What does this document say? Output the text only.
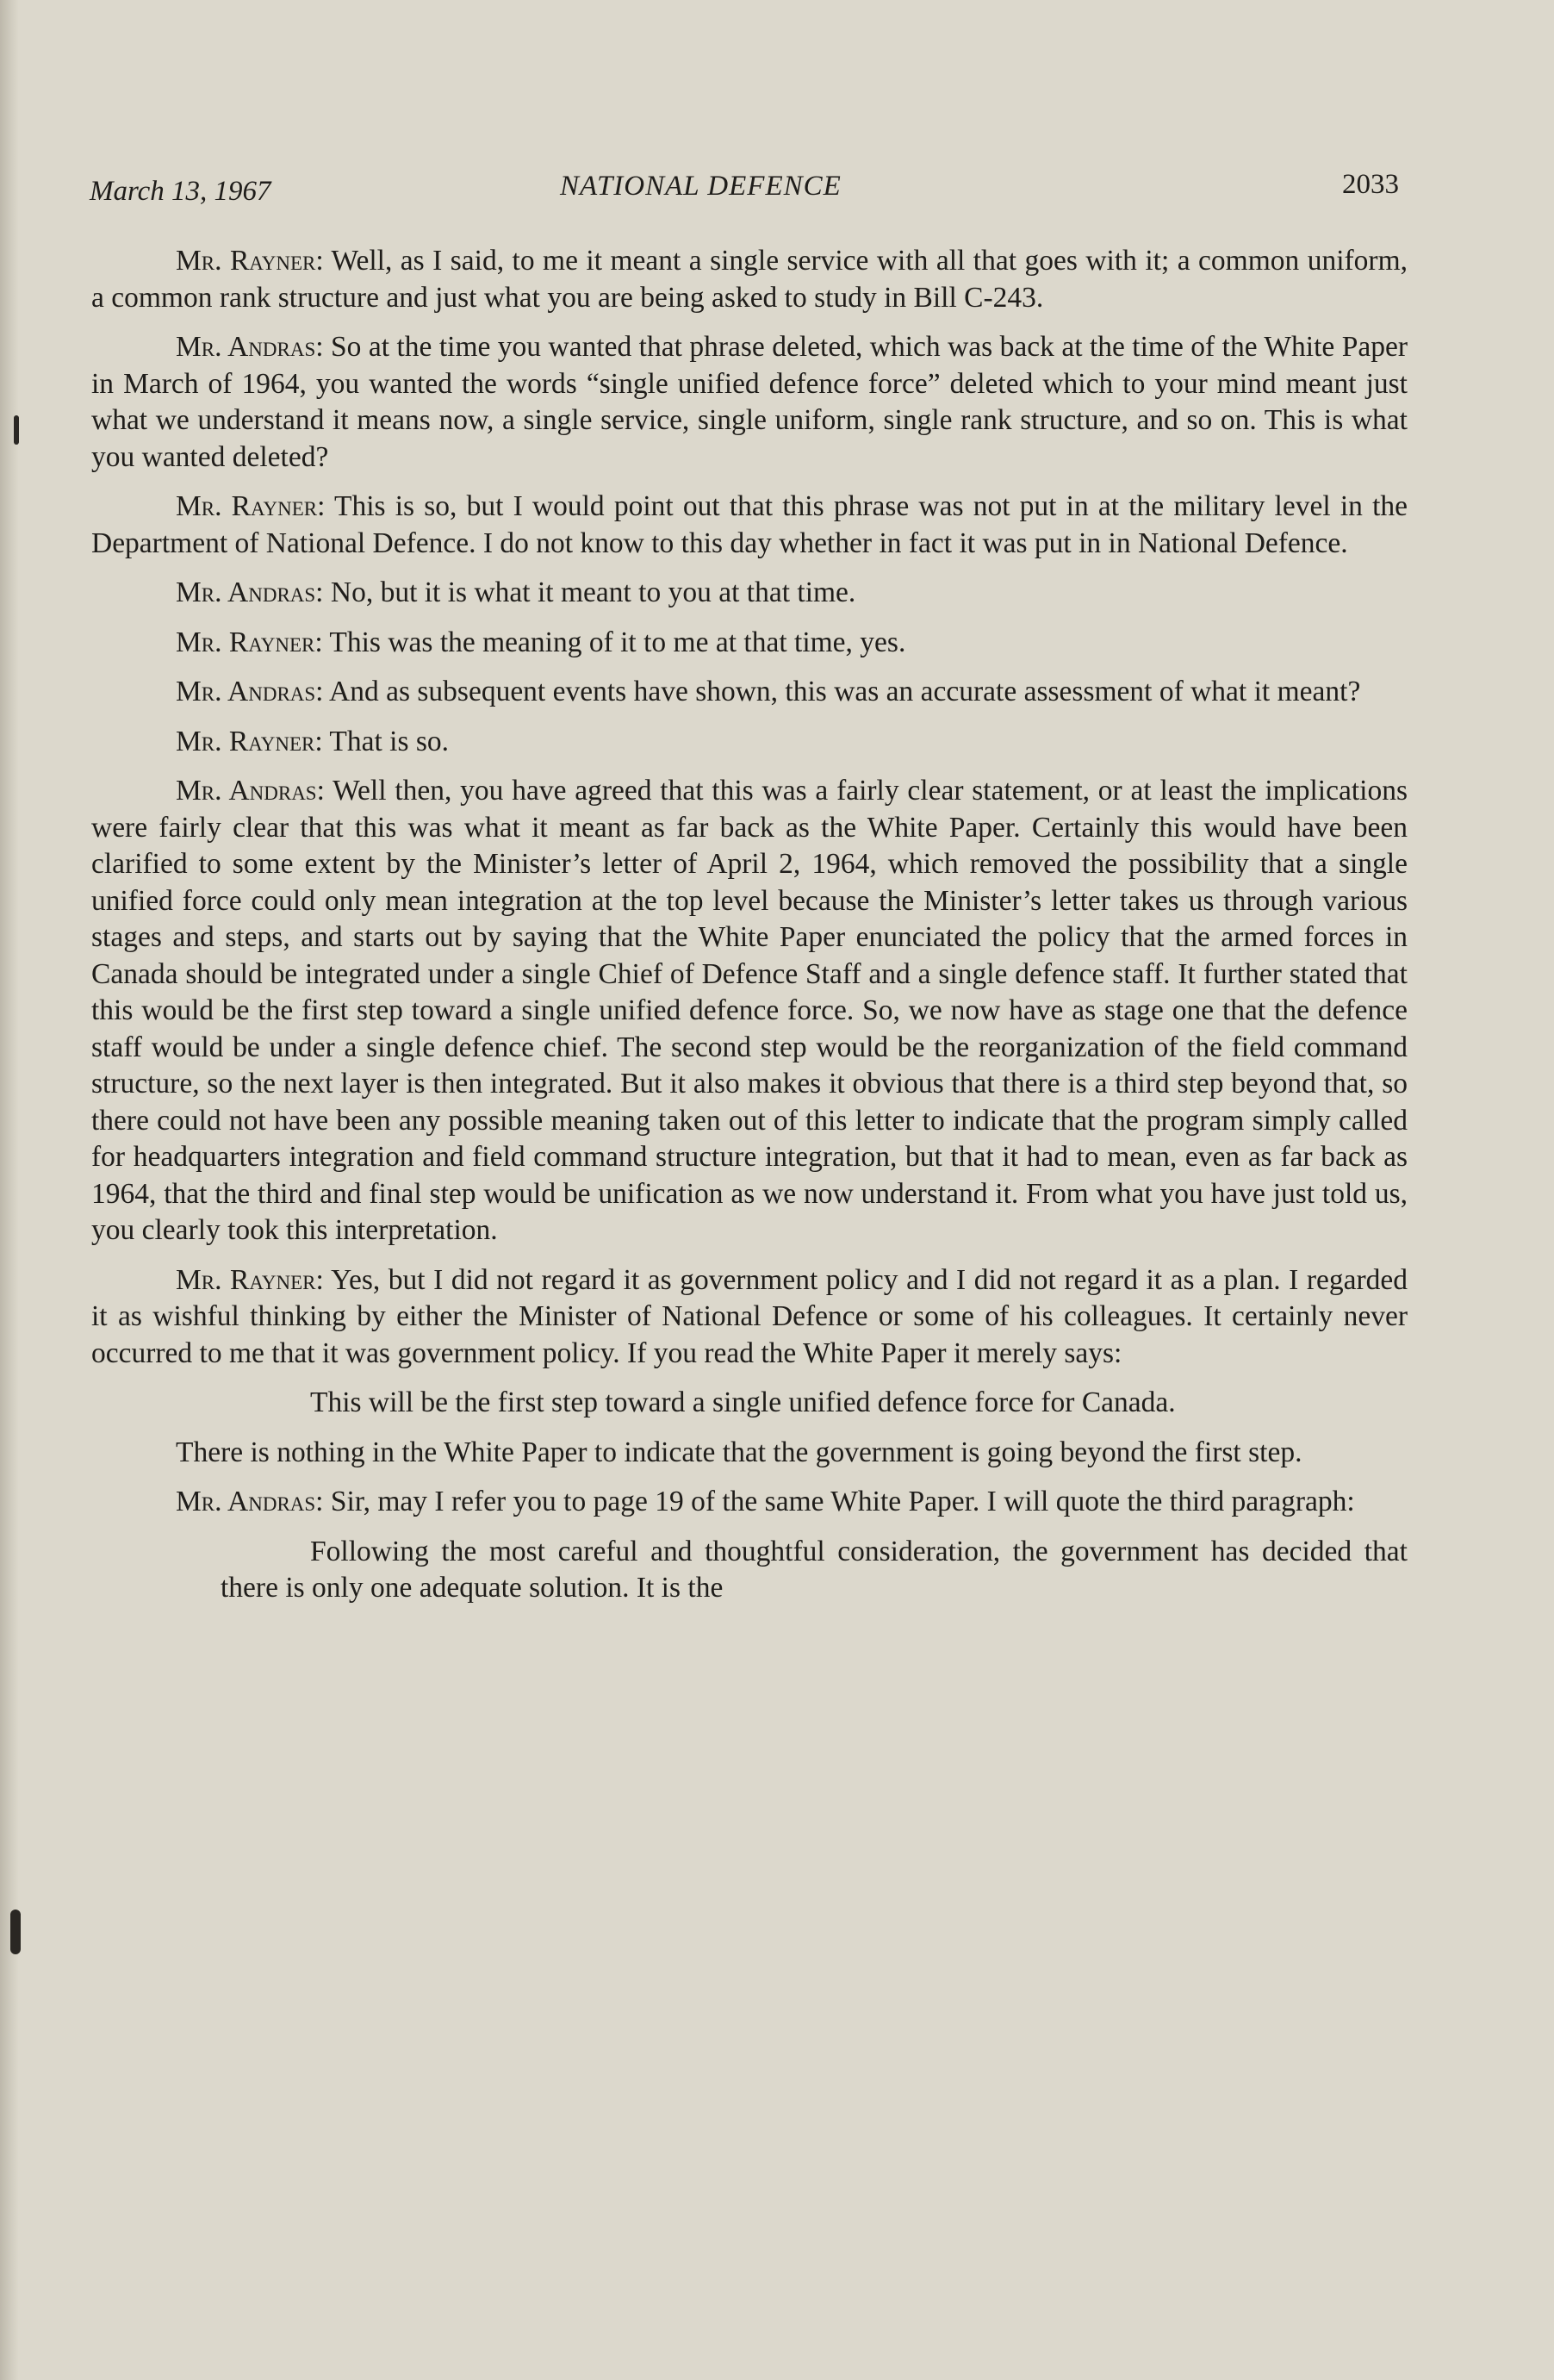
March 13, 1967	NATIONAL DEFENCE	2033

Mr. Rayner: Well, as I said, to me it meant a single service with all that goes with it; a common uniform, a common rank structure and just what you are being asked to study in Bill C-243.

Mr. Andras: So at the time you wanted that phrase deleted, which was back at the time of the White Paper in March of 1964, you wanted the words “single unified defence force” deleted which to your mind meant just what we understand it means now, a single service, single uniform, single rank structure, and so on. This is what you wanted deleted?

Mr. Rayner: This is so, but I would point out that this phrase was not put in at the military level in the Department of National Defence. I do not know to this day whether in fact it was put in in National Defence.

Mr. Andras: No, but it is what it meant to you at that time.

Mr. Rayner: This was the meaning of it to me at that time, yes.

Mr. Andras: And as subsequent events have shown, this was an accurate assessment of what it meant?

Mr. Rayner: That is so.

Mr. Andras: Well then, you have agreed that this was a fairly clear statement, or at least the implications were fairly clear that this was what it meant as far back as the White Paper. Certainly this would have been clarified to some extent by the Minister’s letter of April 2, 1964, which removed the possibility that a single unified force could only mean integration at the top level because the Minister’s letter takes us through various stages and steps, and starts out by saying that the White Paper enunciated the policy that the armed forces in Canada should be integrated under a single Chief of Defence Staff and a single defence staff. It further stated that this would be the first step toward a single unified defence force. So, we now have as stage one that the defence staff would be under a single defence chief. The second step would be the reorganization of the field command structure, so the next layer is then integrated. But it also makes it obvious that there is a third step beyond that, so there could not have been any possible meaning taken out of this letter to indicate that the program simply called for headquarters integration and field command structure integration, but that it had to mean, even as far back as 1964, that the third and final step would be unification as we now understand it. From what you have just told us, you clearly took this interpretation.

Mr. Rayner: Yes, but I did not regard it as government policy and I did not regard it as a plan. I regarded it as wishful thinking by either the Minister of National Defence or some of his colleagues. It certainly never occurred to me that it was government policy. If you read the White Paper it merely says:

This will be the first step toward a single unified defence force for Canada.

There is nothing in the White Paper to indicate that the government is going beyond the first step.

Mr. Andras: Sir, may I refer you to page 19 of the same White Paper. I will quote the third paragraph:

Following the most careful and thoughtful consideration, the government has decided that there is only one adequate solution. It is the
